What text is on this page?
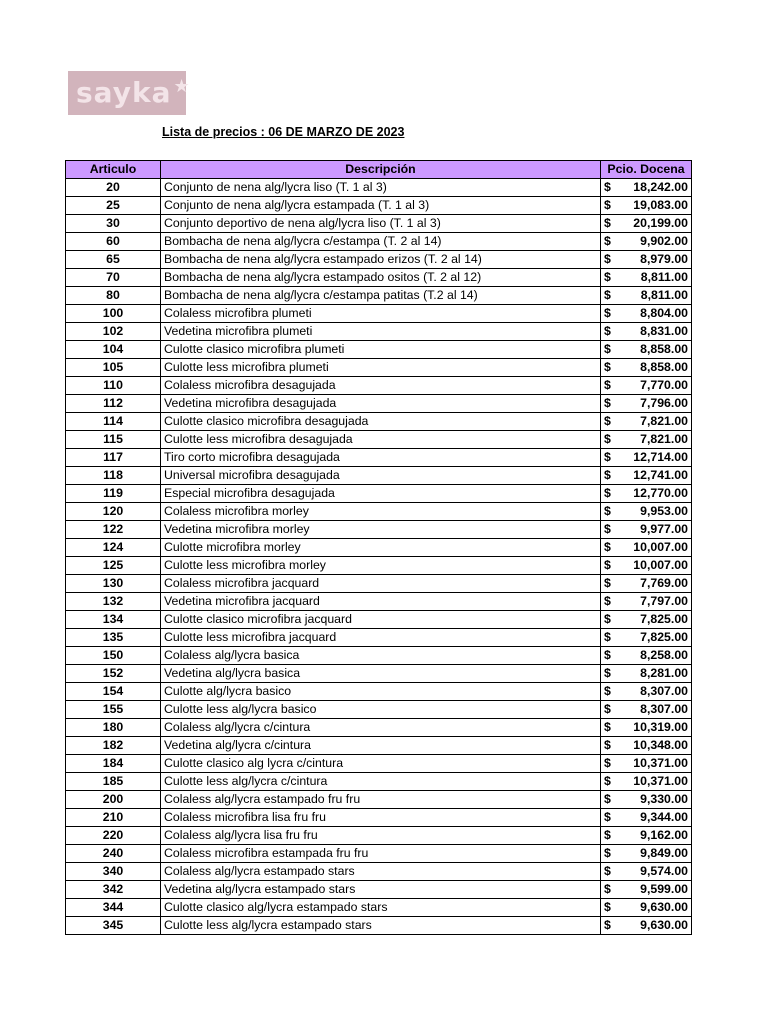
sayka ★
Lista de precios : 06 DE MARZO DE 2023
Articulo	Descripción	Pcio. Docena
20	Conjunto de nena alg/lycra liso (T. 1 al 3)	$ 18,242.00

25	Conjunto de nena alg/lycra estampada (T. 1 al 3)	$ 19,083.00

30	Conjunto deportivo de nena alg/lycra liso (T. 1 al 3)	$ 20,199.00

60	Bombacha de nena alg/lycra c/estampa (T. 2 al 14)	$ 9,902.00

65	Bombacha de nena alg/lycra estampado erizos (T. 2 al 14)	$ 8,979.00

70	Bombacha de nena alg/lycra estampado ositos (T. 2 al 12)	$ 8,811.00

80	Bombacha de nena alg/lycra c/estampa patitas (T.2 al 14)	$ 8,811.00

100	Colaless microfibra plumeti	$ 8,804.00

102	Vedetina microfibra plumeti	$ 8,831.00

104	Culotte clasico microfibra plumeti	$ 8,858.00

105	Culotte less microfibra plumeti	$ 8,858.00

110	Colaless microfibra desagujada	$ 7,770.00

112	Vedetina microfibra desagujada	$ 7,796.00

114	Culotte clasico microfibra desagujada	$ 7,821.00

115	Culotte less microfibra desagujada	$ 7,821.00

117	Tiro corto microfibra desagujada	$ 12,714.00

118	Universal microfibra desagujada	$ 12,741.00

119	Especial microfibra desagujada	$ 12,770.00

120	Colaless microfibra morley	$ 9,953.00

122	Vedetina microfibra morley	$ 9,977.00

124	Culotte microfibra morley	$ 10,007.00

125	Culotte less microfibra morley	$ 10,007.00

130	Colaless microfibra jacquard	$ 7,769.00

132	Vedetina microfibra jacquard	$ 7,797.00

134	Culotte clasico microfibra jacquard	$ 7,825.00

135	Culotte less microfibra jacquard	$ 7,825.00

150	Colaless alg/lycra basica	$ 8,258.00

152	Vedetina alg/lycra basica	$ 8,281.00

154	Culotte alg/lycra basico	$ 8,307.00

155	Culotte less alg/lycra basico	$ 8,307.00

180	Colaless alg/lycra c/cintura	$ 10,319.00

182	Vedetina alg/lycra c/cintura	$ 10,348.00

184	Culotte clasico alg lycra c/cintura	$ 10,371.00

185	Culotte less alg/lycra c/cintura	$ 10,371.00

200	Colaless alg/lycra estampado fru fru	$ 9,330.00

210	Colaless microfibra lisa fru fru	$ 9,344.00

220	Colaless alg/lycra lisa fru fru	$ 9,162.00

240	Colaless microfibra estampada fru fru	$ 9,849.00

340	Colaless alg/lycra estampado stars	$ 9,574.00

342	Vedetina alg/lycra estampado stars	$ 9,599.00

344	Culotte clasico alg/lycra estampado stars	$ 9,630.00

345	Culotte less alg/lycra estampado stars	$ 9,630.00
